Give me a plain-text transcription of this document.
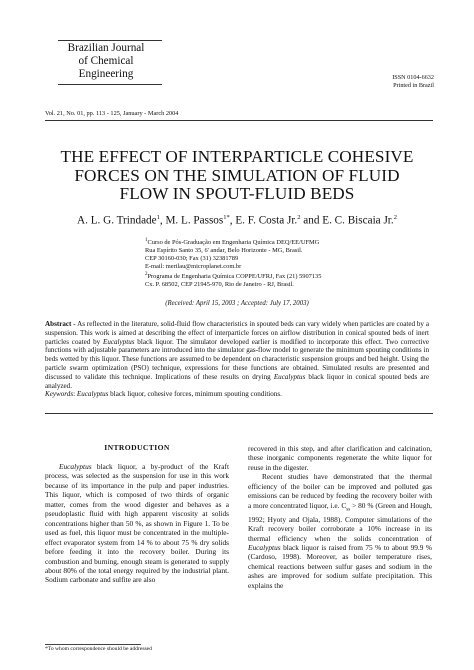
Brazilian Journal
of Chemical
Engineering	ISSN 0104-6632
Printed in Brazil
Vol. 21, No. 01, pp. 113 - 125, January - March 2004
THE EFFECT OF INTERPARTICLE COHESIVE
FORCES ON THE SIMULATION OF FLUID
FLOW IN SPOUT-FLUID BEDS
A. L. G. Trindade$^1$, M. L. Passos$^{1*}$, E. F. Costa Jr.$^2$ and E. C. Biscaia Jr.$^2$
$^1$Curso de Pós-Graduação em Engenharia Química DEQ/EE/UFMG
Rua Espírito Santo 35, 6' andar, Belo Horizonte - MG, Brasil.
CEP 30160-030; Fax (31) 32381789
E-mail: merilau@microplanet.com.br
$^2$Programa de Engenharia Química COPPE/UFRJ, Fax (21) 5907135
Cx. P. 68502, CEP 21945-970, Rio de Janeiro - RJ, Brasil.
(Received: April 15, 2003 ; Accepted: July 17, 2003)
Abstract - As reflected in the literature, solid-fluid flow characteristics in spouted beds can vary widely when particles are coated by a suspension. This work is aimed at describing the effect of interparticle forces on airflow distribution in conical spouted beds of inert particles coated by Eucalyptus black liquor. The simulator developed earlier is modified to incorporate this effect. Two corrective functions with adjustable parameters are introduced into the simulator gas-flow model to generate the minimum spouting conditions in beds wetted by this liquor. These functions are assumed to be dependent on characteristic suspension groups and bed height. Using the particle swarm optimization (PSO) technique, expressions for these functions are obtained. Simulated results are presented and discussed to validate this technique. Implications of these results on drying Eucalyptus black liquor in conical spouted beds are analyzed.
Keywords: Eucalyptus black liquor, cohesive forces, minimum spouting conditions.
INTRODUCTION

Eucalyptus black liquor, a by-product of the Kraft process, was selected as the suspension for use in this work because of its importance in the pulp and paper industries. This liquor, which is composed of two thirds of organic matter, comes from the wood digester and behaves as a pseudoplastic fluid with high apparent viscosity at solids concentrations higher than 50 %, as shown in Figure 1. To be used as fuel, this liquor must be concentrated in the multiple-effect evaporator system from 14 % to about 75 % dry solids before feeding it into the recovery boiler. During its combustion and burning, enough steam is generated to supply about 80% of the total energy required by the industrial plant. Sodium carbonate and sulfite are also

recovered in this step, and after clarification and calcination, these inorganic components regenerate the white liquor for reuse in the digester.

Recent studies have demonstrated that the thermal efficiency of the boiler can be improved and polluted gas emissions can be reduced by feeding the recovery boiler with a more concentrated liquor, i.e. $C_{ss} > 80$ % (Green and Hough, 1992; Hyoty and Ojala, 1988). Computer simulations of the Kraft recovery boiler corroborate a 10% increase in its thermal efficiency when the solids concentration of Eucalyptus black liquor is raised from 75 % to about 99.9 % (Cardoso, 1998). Moreover, as boiler temperature rises, chemical reactions between sulfur gases and sodium in the ashes are improved for sodium sulfate precipitation. This explains the

*To whom correspondence should be addressed
